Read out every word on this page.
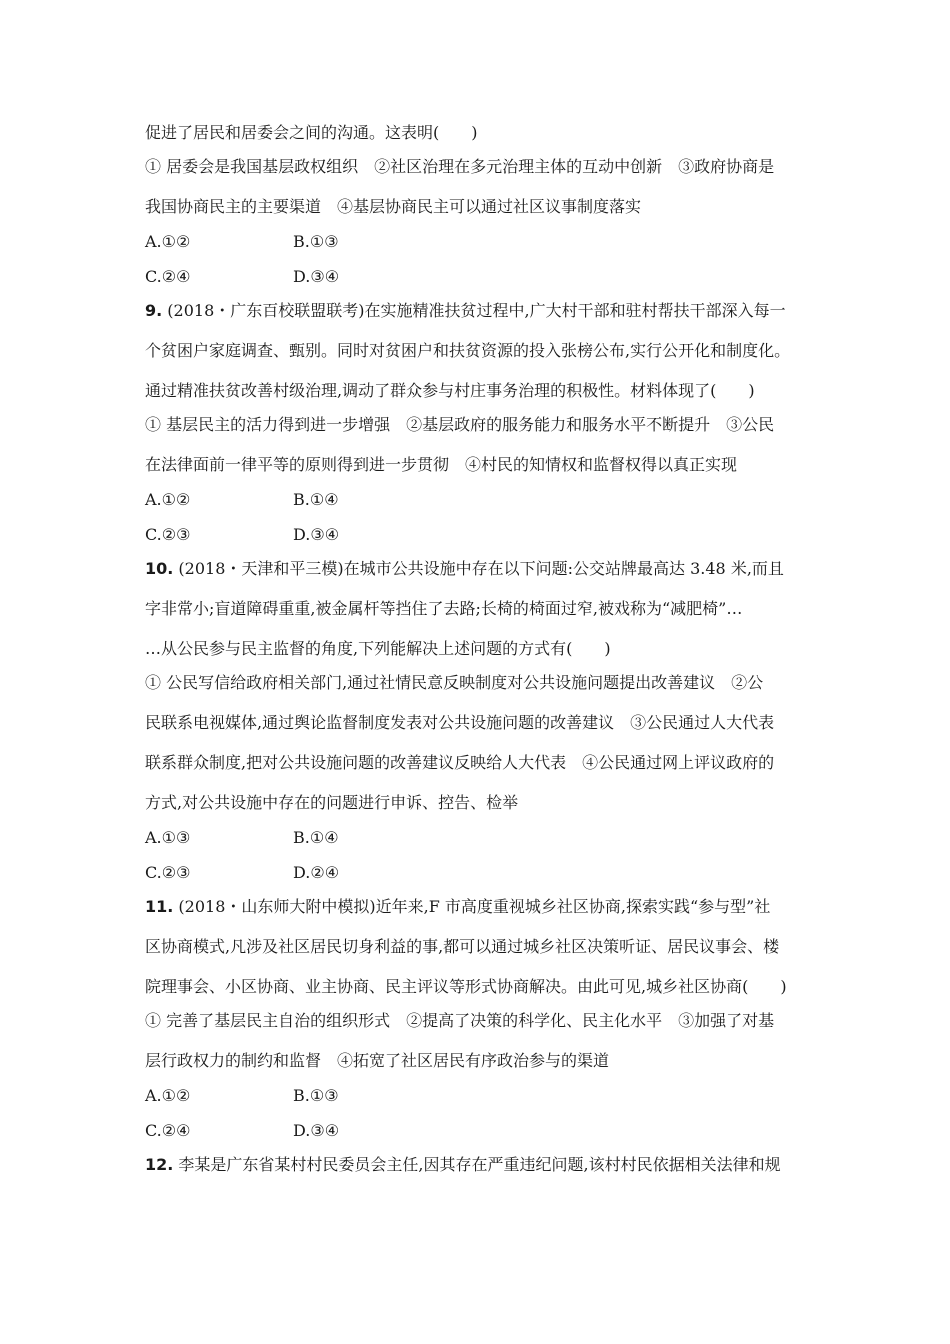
促进了居民和居委会之间的沟通。这表明(　　)
① 居委会是我国基层政权组织　②社区治理在多元治理主体的互动中创新　③政府协商是
我国协商民主的主要渠道　④基层协商民主可以通过社区议事制度落实
A.①②	B.①③
C.②④	D.③④
9. (2018・广东百校联盟联考)在实施精准扶贫过程中,广大村干部和驻村帮扶干部深入每一
个贫困户家庭调查、甄别。同时对贫困户和扶贫资源的投入张榜公布,实行公开化和制度化。
通过精准扶贫改善村级治理,调动了群众参与村庄事务治理的积极性。材料体现了(　　)
① 基层民主的活力得到进一步增强　②基层政府的服务能力和服务水平不断提升　③公民
在法律面前一律平等的原则得到进一步贯彻　④村民的知情权和监督权得以真正实现
A.①②	B.①④
C.②③	D.③④
10. (2018・天津和平三模)在城市公共设施中存在以下问题:公交站牌最高达 3.48 米,而且
字非常小;盲道障碍重重,被金属杆等挡住了去路;长椅的椅面过窄,被戏称为“减肥椅”…
…从公民参与民主监督的角度,下列能解决上述问题的方式有(　　)
① 公民写信给政府相关部门,通过社情民意反映制度对公共设施问题提出改善建议　②公
民联系电视媒体,通过舆论监督制度发表对公共设施问题的改善建议　③公民通过人大代表
联系群众制度,把对公共设施问题的改善建议反映给人大代表　④公民通过网上评议政府的
方式,对公共设施中存在的问题进行申诉、控告、检举
A.①③	B.①④
C.②③	D.②④
11. (2018・山东师大附中模拟)近年来,F 市高度重视城乡社区协商,探索实践“参与型”社
区协商模式,凡涉及社区居民切身利益的事,都可以通过城乡社区决策听证、居民议事会、楼
院理事会、小区协商、业主协商、民主评议等形式协商解决。由此可见,城乡社区协商(　　)
① 完善了基层民主自治的组织形式　②提高了决策的科学化、民主化水平　③加强了对基
层行政权力的制约和监督　④拓宽了社区居民有序政治参与的渠道
A.①②	B.①③
C.②④	D.③④
12. 李某是广东省某村村民委员会主任,因其存在严重违纪问题,该村村民依据相关法律和规
